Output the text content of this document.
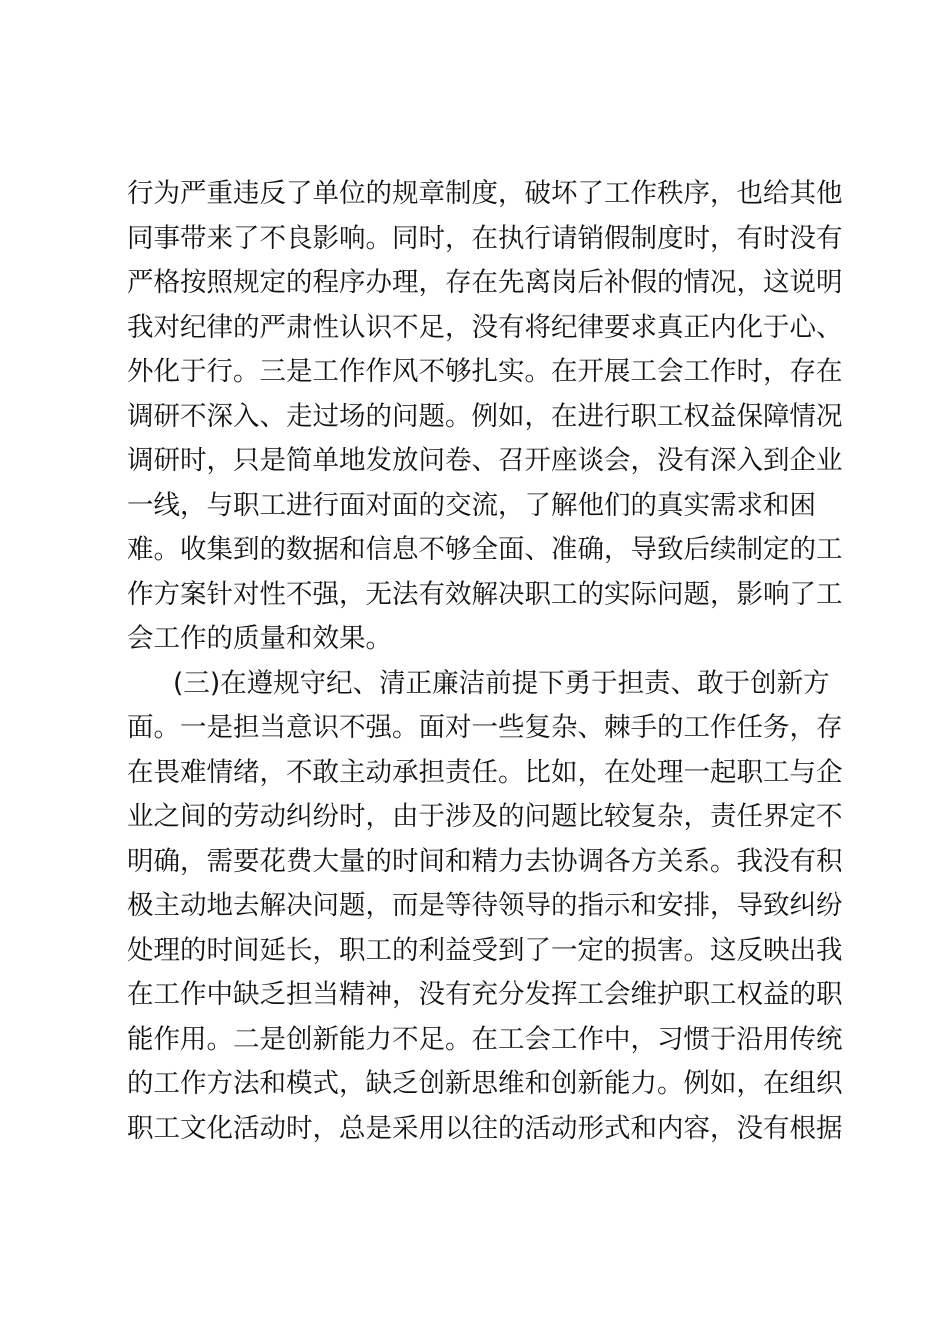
行为严重违反了单位的规章制度，破坏了工作秩序，也给其他
同事带来了不良影响。同时，在执行请销假制度时，有时没有
严格按照规定的程序办理，存在先离岗后补假的情况，这说明
我对纪律的严肃性认识不足，没有将纪律要求真正内化于心、
外化于行。三是工作作风不够扎实。在开展工会工作时，存在
调研不深入、走过场的问题。例如，在进行职工权益保障情况
调研时，只是简单地发放问卷、召开座谈会，没有深入到企业
一线，与职工进行面对面的交流，了解他们的真实需求和困
难。收集到的数据和信息不够全面、准确，导致后续制定的工
作方案针对性不强，无法有效解决职工的实际问题，影响了工
会工作的质量和效果。
(三)在遵规守纪、清正廉洁前提下勇于担责、敢于创新方
面。一是担当意识不强。面对一些复杂、棘手的工作任务，存
在畏难情绪，不敢主动承担责任。比如，在处理一起职工与企
业之间的劳动纠纷时，由于涉及的问题比较复杂，责任界定不
明确，需要花费大量的时间和精力去协调各方关系。我没有积
极主动地去解决问题，而是等待领导的指示和安排，导致纠纷
处理的时间延长，职工的利益受到了一定的损害。这反映出我
在工作中缺乏担当精神，没有充分发挥工会维护职工权益的职
能作用。二是创新能力不足。在工会工作中，习惯于沿用传统
的工作方法和模式，缺乏创新思维和创新能力。例如，在组织
职工文化活动时，总是采用以往的活动形式和内容，没有根据
